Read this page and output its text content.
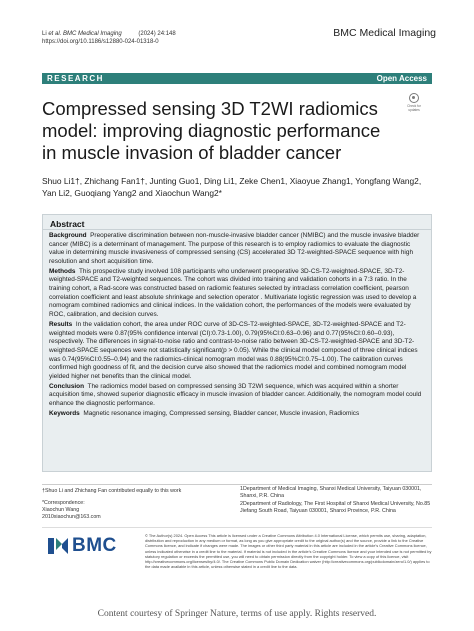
Li et al. BMC Medical Imaging          (2024) 24:148
https://doi.org/10.1186/s12880-024-01318-0
BMC Medical Imaging
RESEARCH	Open Access
Check for
updates
Compressed sensing 3D T2WI radiomics model: improving diagnostic performance in muscle invasion of bladder cancer
Shuo Li1†, Zhichang Fan1†, Junting Guo1, Ding Li1, Zeke Chen1, Xiaoyue Zhang1, Yongfang Wang2, Yan Li2, Guoqiang Yang2 and Xiaochun Wang2*
Abstract

Background Preoperative discrimination between non-muscle-invasive bladder cancer (NMIBC) and the muscle invasive bladder cancer (MIBC) is a determinant of management. The purpose of this research is to employ radiomics to evaluate the diagnostic value in determining muscle invasiveness of compressed sensing (CS) accelerated 3D T2-weighted-SPACE sequence with high resolution and short acquisition time.

Methods This prospective study involved 108 participants who underwent preoperative 3D-CS-T2-weighted-SPACE, 3D-T2-weighted-SPACE and T2-weighted sequences. The cohort was divided into training and validation cohorts in a 7:3 ratio. In the training cohort, a Rad-score was constructed based on radiomic features selected by intraclass correlation coefficient, pearson correlation coefficient and least absolute shrinkage and selection operator . Multivariate logistic regression was used to develop a nomogram combined radiomics and clinical indices. In the validation cohort, the performances of the models were evaluated by ROC, calibration, and decision curves.

Results In the validation cohort, the area under ROC curve of 3D-CS-T2-weighted-SPACE, 3D-T2-weighted-SPACE and T2-weighted models were 0.87(95% confidence interval (CI):0.73-1.00), 0.79(95%CI:0.63–0.96) and 0.77(95%CI:0.60–0.93), respectively. The differences in signal-to-noise ratio and contrast-to-noise ratio between 3D-CS-T2-weighted-SPACE and 3D-T2-weighted-SPACE sequences were not statistically significant(p > 0.05). While the clinical model composed of three clinical indices was 0.74(95%CI:0.55–0.94) and the radiomics-clinical nomogram model was 0.88(95%CI:0.75–1.00). The calibration curves confirmed high goodness of fit, and the decision curve also showed that the radiomics model and combined nomogram model yielded higher net benefits than the clinical model.

Conclusion The radiomics model based on compressed sensing 3D T2WI sequence, which was acquired within a shorter acquisition time, showed superior diagnostic efficacy in muscle invasion of bladder cancer. Additionally, the nomogram model could enhance the diagnostic performance.

Keywords Magnetic resonance imaging, Compressed sensing, Bladder cancer, Muscle invasion, Radiomics

†Shuo Li and Zhichang Fan contributed equally to this work

*Correspondence:
Xiaochun Wang
2010xiaochun@163.com

1Department of Medical Imaging, Shanxi Medical University, Taiyuan 030001, Shanxi, P.R. China

2Department of Radiology, The First Hospital of Shanxi Medical University, No.85 Jiefang South Road, Taiyuan 030001, Shanxi Province, P.R. China

BMC	© The Author(s) 2024. Open Access This article is licensed under a Creative Commons Attribution 4.0 International License, which permits use, sharing, adaptation, distribution and reproduction in any medium or format, as long as you give appropriate credit to the original author(s) and the source, provide a link to the Creative Commons licence, and indicate if changes were made. The images or other third party material in this article are included in the article's Creative Commons licence, unless indicated otherwise in a credit line to the material. If material is not included in the article's Creative Commons licence and your intended use is not permitted by statutory regulation or exceeds the permitted use, you will need to obtain permission directly from the copyright holder. To view a copy of this licence, visit http://creativecommons.org/licenses/by/4.0/. The Creative Commons Public Domain Dedication waiver (http://creativecommons.org/publicdomain/zero/1.0/) applies to the data made available in this article, unless otherwise stated in a credit line to the data.
Content courtesy of Springer Nature, terms of use apply. Rights reserved.
